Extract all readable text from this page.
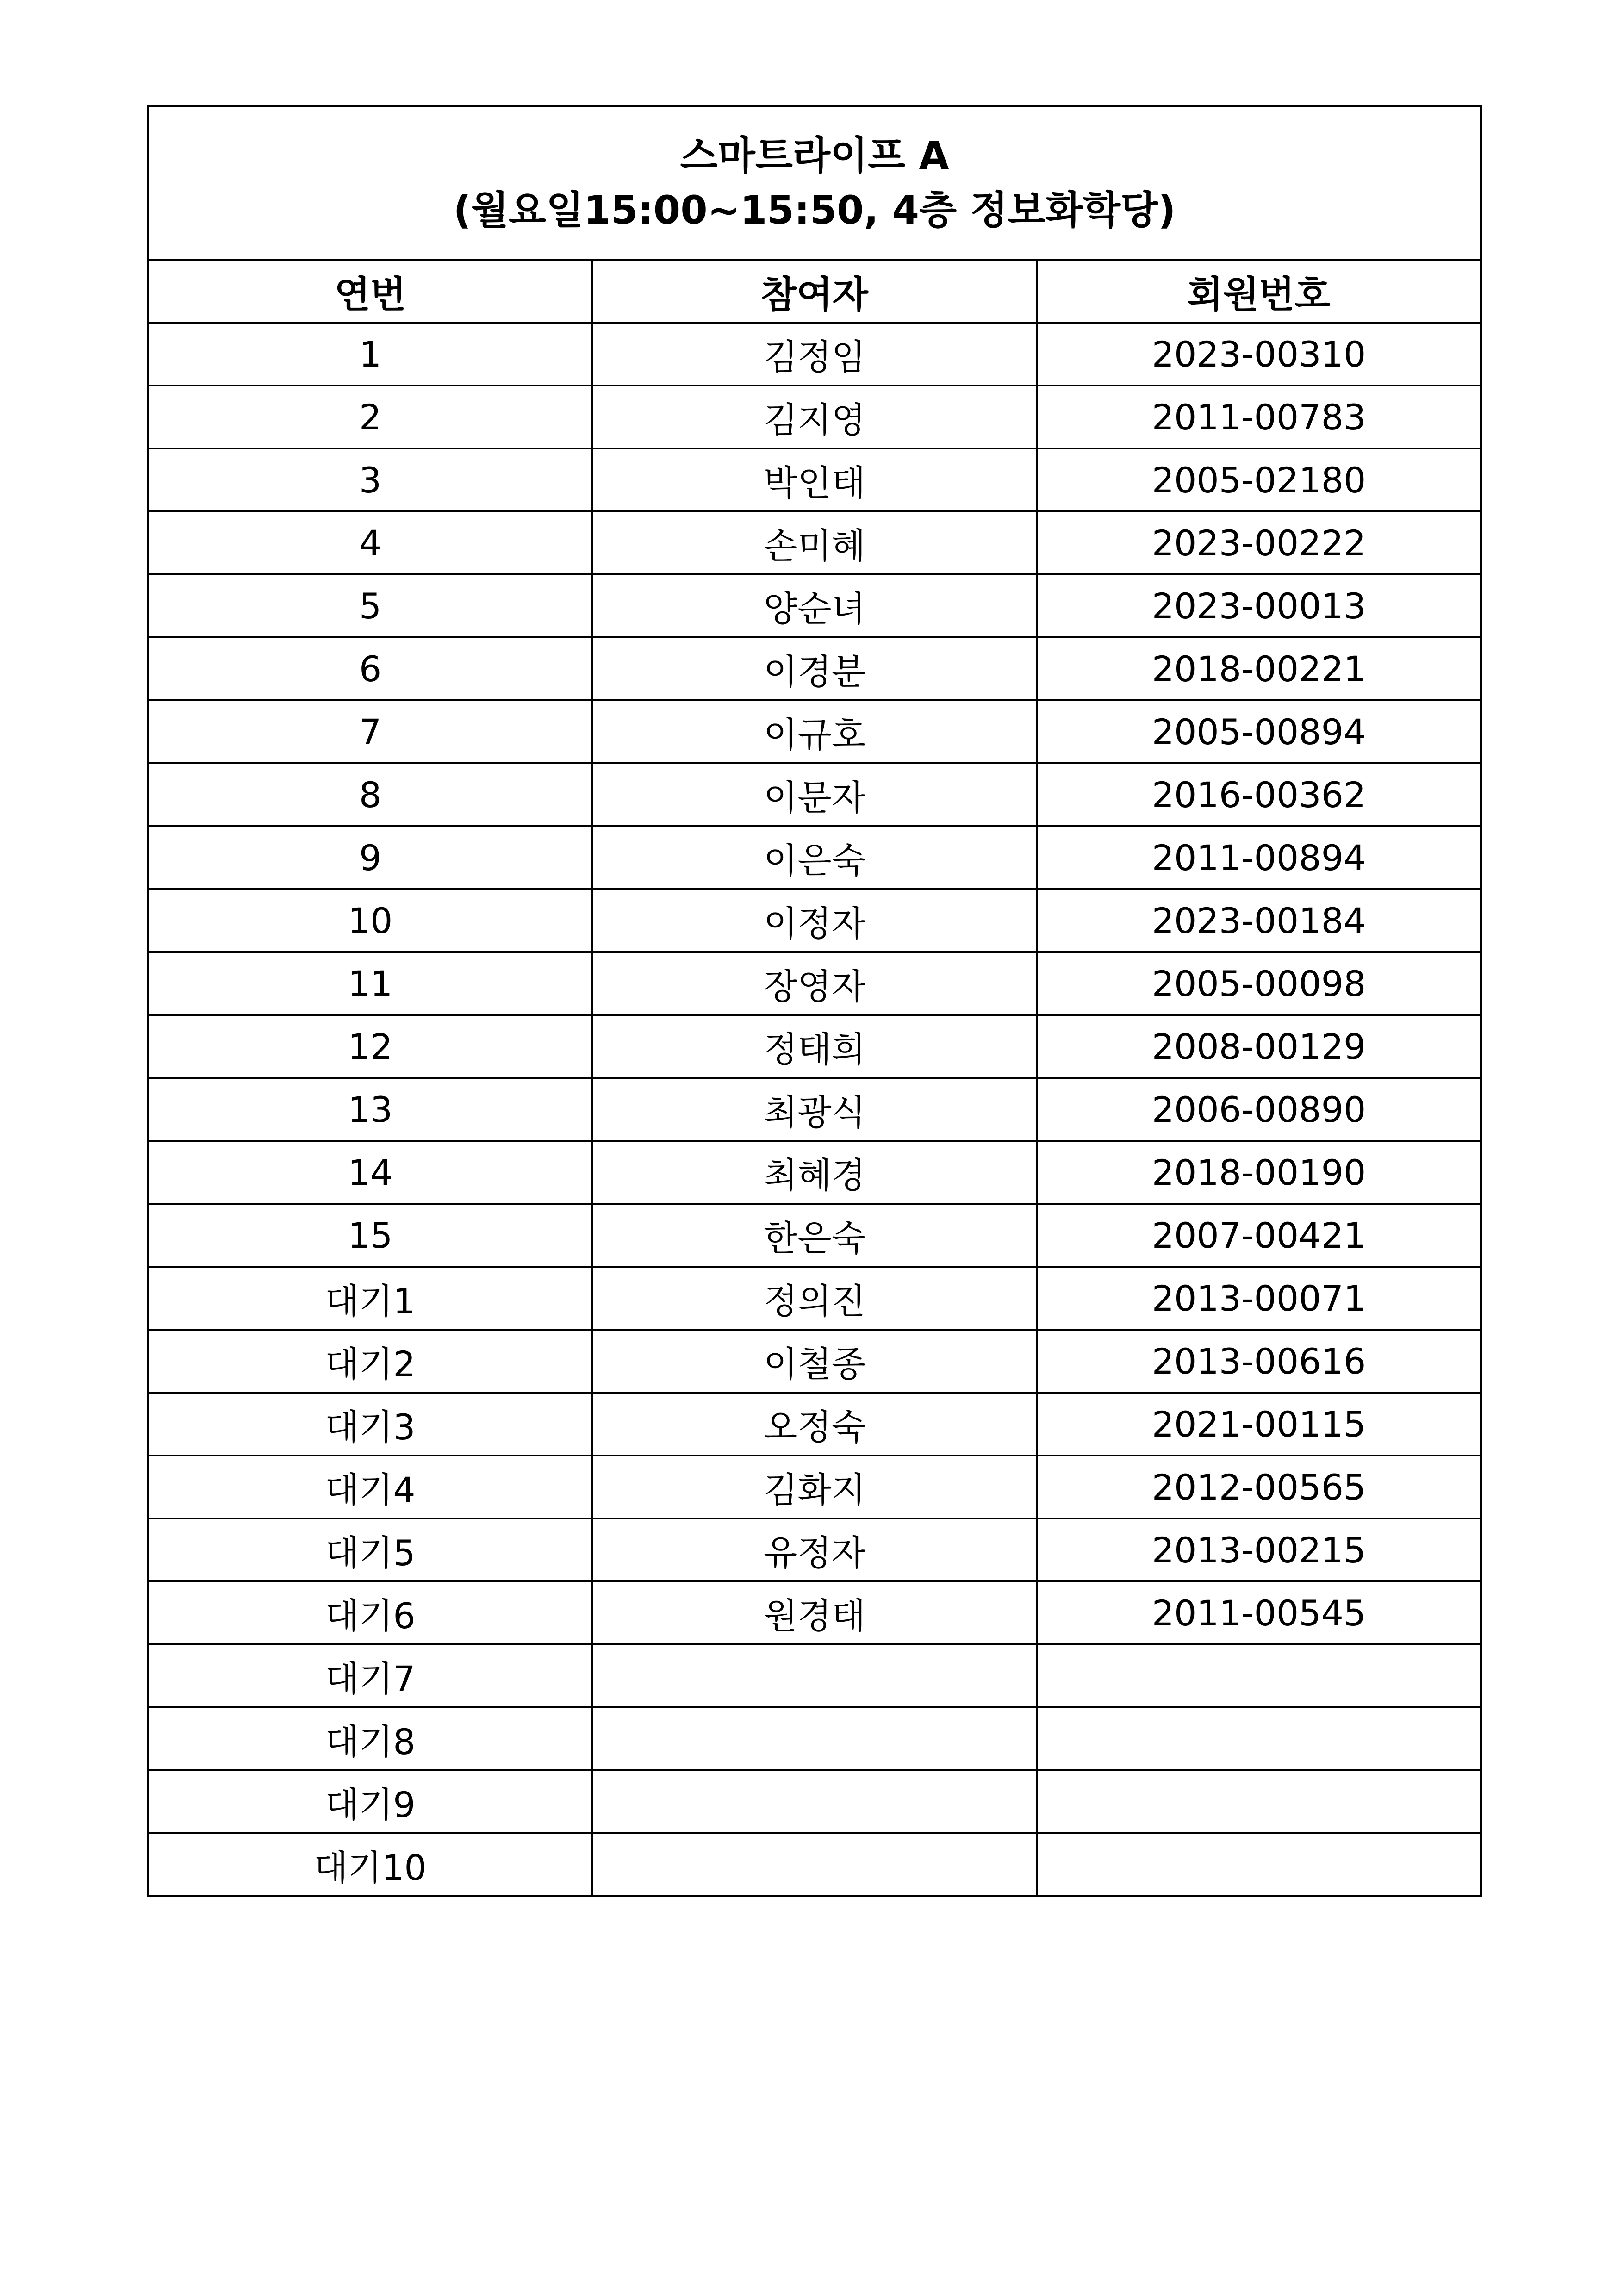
스마트라이프 A
(월요일15:00~15:50, 4층 정보화학당)		

연번	참여자	회원번호
1	김정임	2023-00310
2	김지영	2011-00783
3	박인태	2005-02180
4	손미혜	2023-00222
5	양순녀	2023-00013
6	이경분	2018-00221
7	이규호	2005-00894
8	이문자	2016-00362
9	이은숙	2011-00894
10	이정자	2023-00184
11	장영자	2005-00098
12	정태희	2008-00129
13	최광식	2006-00890
14	최혜경	2018-00190
15	한은숙	2007-00421
대기1	정의진	2013-00071
대기2	이철종	2013-00616
대기3	오정숙	2021-00115
대기4	김화지	2012-00565
대기5	유정자	2013-00215
대기6	원경태	2011-00545
대기7		
대기8		
대기9		
대기10		
